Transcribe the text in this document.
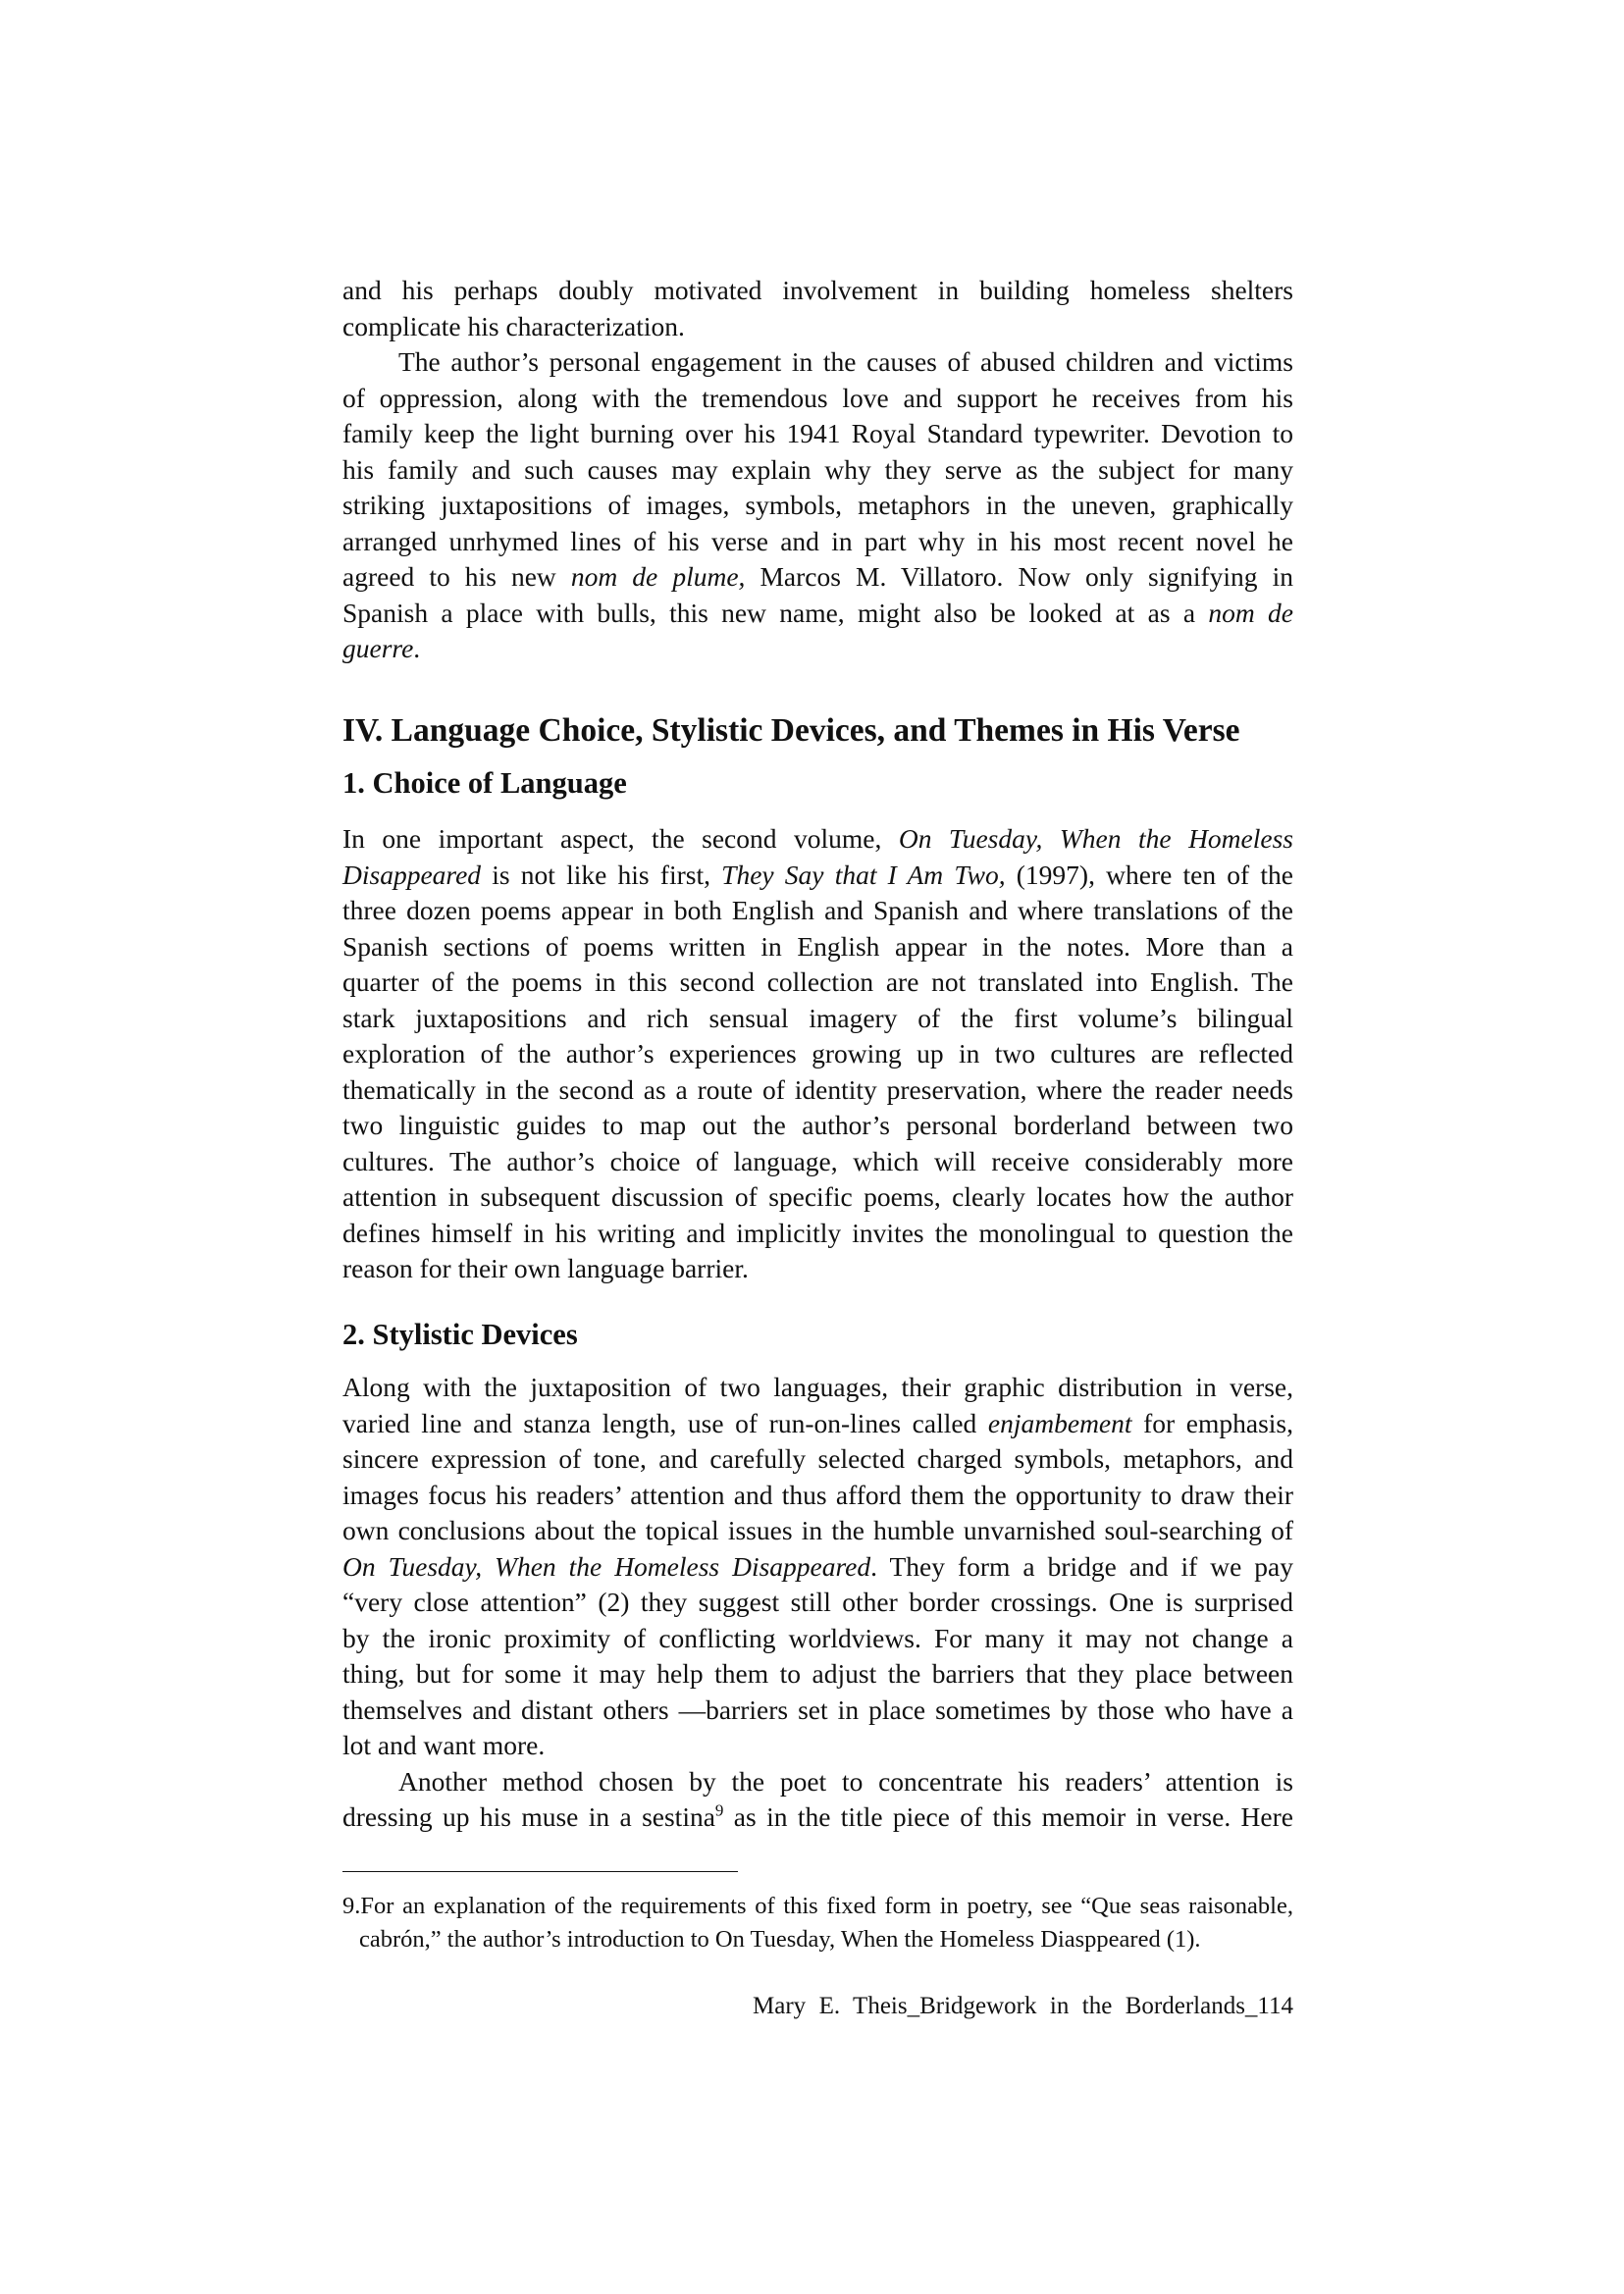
and his perhaps doubly motivated involvement in building homeless shelters
complicate his characterization.
The author’s personal engagement in the causes of abused children and victims
of oppression, along with the tremendous love and support he receives from his
family keep the light burning over his 1941 Royal Standard typewriter. Devotion to
his family and such causes may explain why they serve as the subject for many
striking juxtapositions of images, symbols, metaphors in the uneven, graphically
arranged unrhymed lines of his verse and in part why in his most recent novel he
agreed to his new nom de plume, Marcos M. Villatoro. Now only signifying in
Spanish a place with bulls, this new name, might also be looked at as a nom de
guerre.
IV. Language Choice, Stylistic Devices, and Themes in His Verse
1. Choice of Language
In one important aspect, the second volume, On Tuesday, When the Homeless
Disappeared is not like his first, They Say that I Am Two, (1997), where ten of the
three dozen poems appear in both English and Spanish and where translations of the
Spanish sections of poems written in English appear in the notes. More than a
quarter of the poems in this second collection are not translated into English. The
stark juxtapositions and rich sensual imagery of the first volume’s bilingual
exploration of the author’s experiences growing up in two cultures are reflected
thematically in the second as a route of identity preservation, where the reader needs
two linguistic guides to map out the author’s personal borderland between two
cultures. The author’s choice of language, which will receive considerably more
attention in subsequent discussion of specific poems, clearly locates how the author
defines himself in his writing and implicitly invites the monolingual to question the
reason for their own language barrier.
2. Stylistic Devices
Along with the juxtaposition of two languages, their graphic distribution in verse,
varied line and stanza length, use of run-on-lines called enjambement for emphasis,
sincere expression of tone, and carefully selected charged symbols, metaphors, and
images focus his readers’ attention and thus afford them the opportunity to draw their
own conclusions about the topical issues in the humble unvarnished soul-searching of
On Tuesday, When the Homeless Disappeared. They form a bridge and if we pay
“very close attention” (2) they suggest still other border crossings. One is surprised
by the ironic proximity of conflicting worldviews. For many it may not change a
thing, but for some it may help them to adjust the barriers that they place between
themselves and distant others —barriers set in place sometimes by those who have a
lot and want more.
Another method chosen by the poet to concentrate his readers’ attention is
dressing up his muse in a sestina$^9$ as in the title piece of this memoir in verse. Here
9.For an explanation of the requirements of this fixed form in poetry, see “Que seas raisonable,
cabrón,” the author’s introduction to On Tuesday, When the Homeless Diasppeared (1).
Mary E. Theis_Bridgework in the Borderlands_114
